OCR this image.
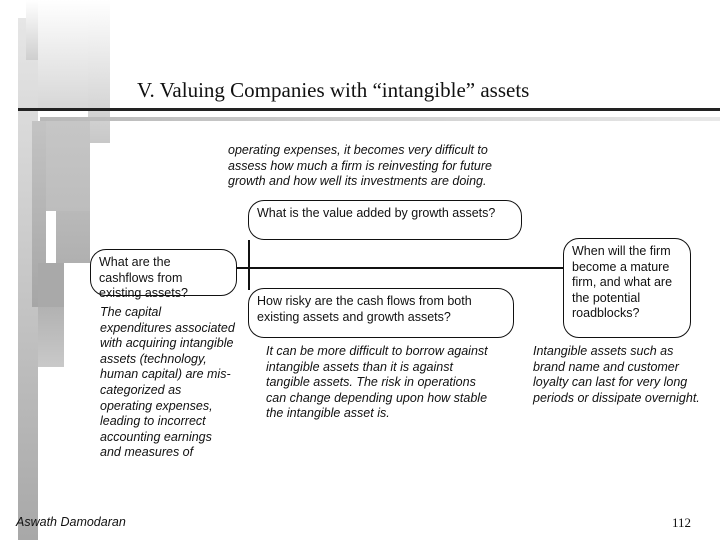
V. Valuing Companies with “intangible” assets
operating expenses, it becomes very difficult to assess how much a firm is reinvesting for future growth and how well its investments are doing.
What is the value added by growth assets?
What are the cashflows from existing assets?
How risky are the cash flows from both existing assets and growth assets?
When will the firm become a mature firm, and what are the potential roadblocks?
The capital expenditures associated with acquiring intangible assets (technology, human capital) are mis-categorized as operating expenses, leading to incorrect accounting earnings and measures of
It can be more difficult to borrow against intangible assets than it is against tangible assets. The risk in operations can change depending upon how stable the intangible asset is.
Intangible assets such as brand name and customer loyalty can last for very long periods or dissipate overnight.
Aswath Damodaran	112
